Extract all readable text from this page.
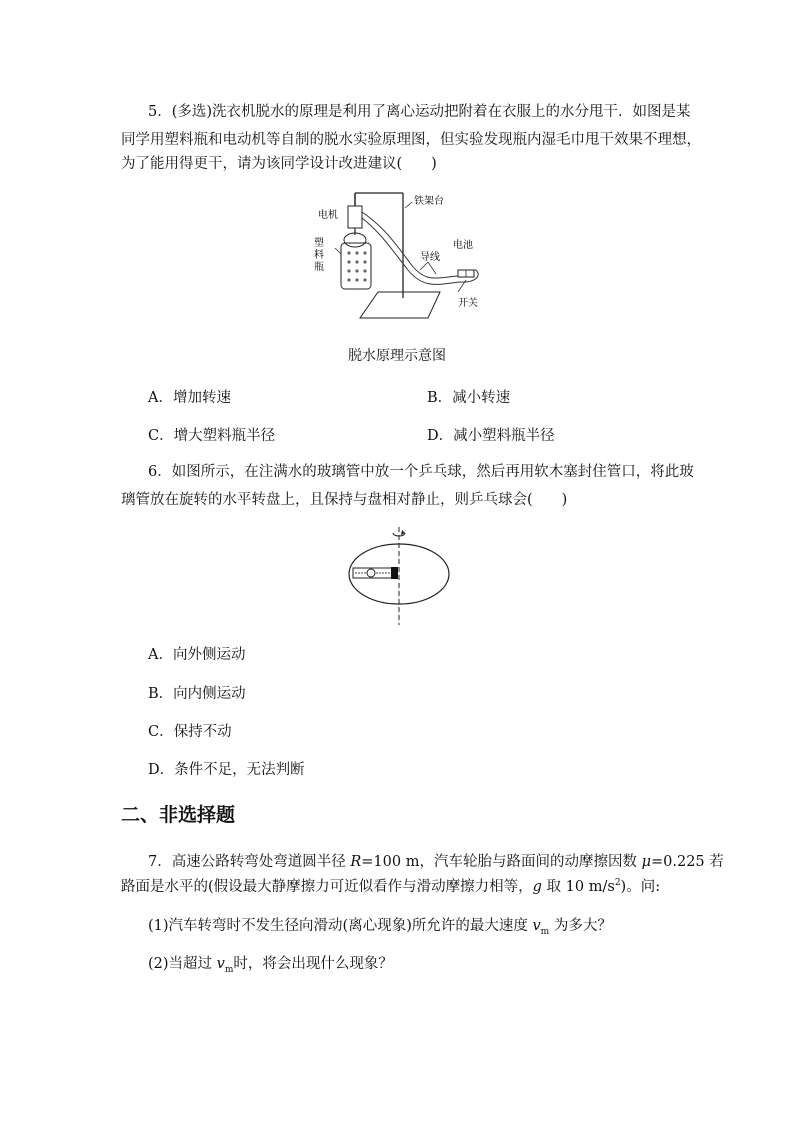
5．(多选)洗衣机脱水的原理是利用了离心运动把附着在衣服上的水分甩干．如图是某
同学用塑料瓶和电动机等自制的脱水实验原理图，但实验发现瓶内湿毛巾甩干效果不理想，
为了能用得更干，请为该同学设计改进建议(　　)
电机
铁架台
塑
料
瓶
导线
电池
开关
脱水原理示意图
A．增加转速	B．减小转速
C．增大塑料瓶半径	D．减小塑料瓶半径
6．如图所示，在注满水的玻璃管中放一个乒乓球，然后再用软木塞封住管口，将此玻
璃管放在旋转的水平转盘上，且保持与盘相对静止，则乒乓球会(　　)
A．向外侧运动
B．向内侧运动
C．保持不动
D．条件不足，无法判断
二、非选择题
7．高速公路转弯处弯道圆半径 R=100 m，汽车轮胎与路面间的动摩擦因数 μ=0.225 若
路面是水平的(假设最大静摩擦力可近似看作与滑动摩擦力相等，g 取 10 $m/s^2$)。问:
(1)汽车转弯时不发生径向滑动(离心现象)所允许的最大速度 $v_m$ 为多大？
(2)当超过 $v_m$时，将会出现什么现象？
